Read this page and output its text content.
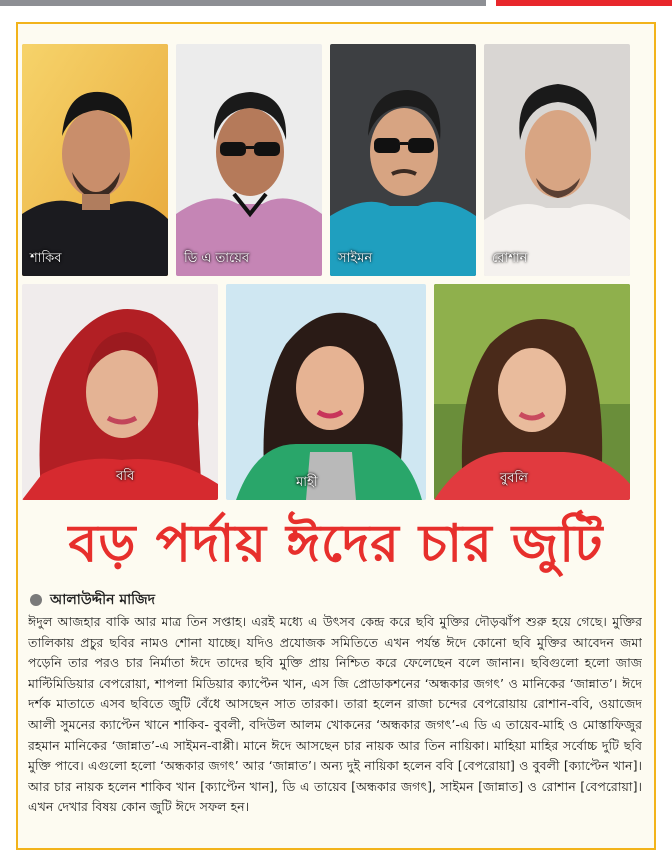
শাকিব	ডি এ তায়েব	সাইমন	রোশান
ববি	মাহী	বুবলি
বড় পর্দায় ঈদের চার জুটি
আলাউদ্দীন মাজিদ
ঈদুল আজহার বাকি আর মাত্র তিন সপ্তাহ। এরই মধ্যে এ উৎসব কেন্দ্র করে ছবি মুক্তির দৌড়ঝাঁপ শুরু হয়ে গেছে। মুক্তির তালিকায় প্রচুর ছবির নামও শোনা যাচ্ছে। যদিও প্রযোজক সমিতিতে এখন পর্যন্ত ঈদে কোনো ছবি মুক্তির আবেদন জমা পড়েনি তার পরও চার নির্মাতা ঈদে তাদের ছবি মুক্তি প্রায় নিশ্চিত করে ফেলেছেন বলে জানান। ছবিগুলো হলো জাজ মাল্টিমিডিয়ার বেপরোয়া, শাপলা মিডিয়ার ক্যাপ্টেন খান, এস জি প্রোডাকশনের ‘অন্ধকার জগৎ’ ও মানিকের ‘জান্নাত’। ঈদে দর্শক মাতাতে এসব ছবিতে জুটি বেঁধে আসছেন সাত তারকা। তারা হলেন রাজা চন্দের বেপরোয়ায় রোশান-ববি, ওয়াজেদ আলী সুমনের ক্যাপ্টেন খানে শাকিব- বুবলী, বদিউল আলম খোকনের ‘অন্ধকার জগৎ’-এ ডি এ তায়েব-মাহি ও মোস্তাফিজুর রহমান মানিকের ‘জান্নাত’-এ সাইমন-বাপ্পী। মানে ঈদে আসছেন চার নায়ক আর তিন নায়িকা। মাহিয়া মাহির সর্বোচ্চ দুটি ছবি মুক্তি পাবে। এগুলো হলো ‘অন্ধকার জগৎ’ আর ‘জান্নাত’। অন্য দুই নায়িকা হলেন ববি [বেপরোয়া] ও বুবলী [ক্যাপ্টেন খান]। আর চার নায়ক হলেন শাকিব খান [ক্যাপ্টেন খান], ডি এ তায়েব [অন্ধকার জগৎ], সাইমন [জান্নাত] ও রোশান [বেপরোয়া]। এখন দেখার বিষয় কোন জুটি ঈদে সফল হন।
